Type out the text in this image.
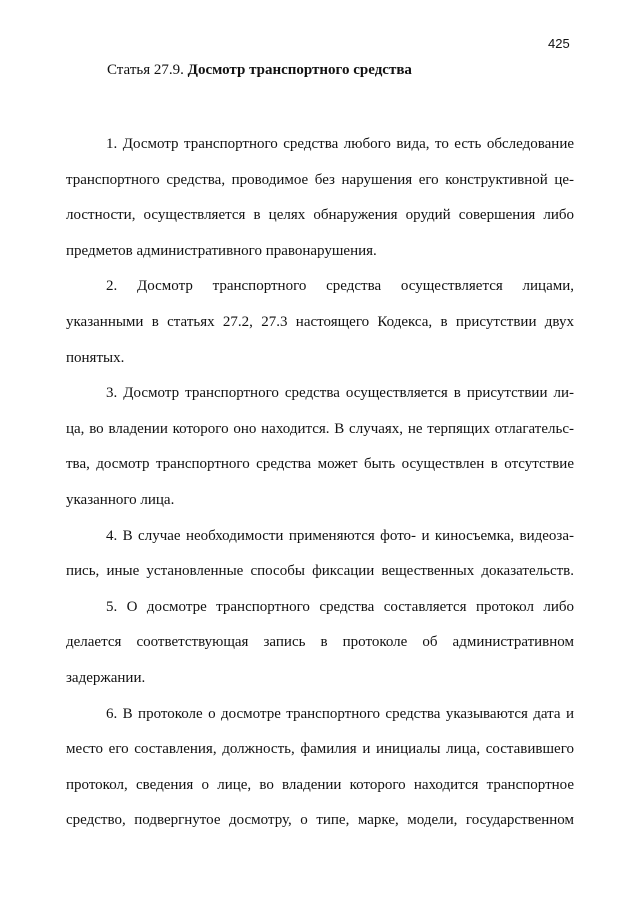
425
Статья 27.9. Досмотр транспортного средства
1. Досмотр транспортного средства любого вида, то есть обследование
транспортного средства, проводимое без нарушения его конструктивной це-
лостности, осуществляется в целях обнаружения орудий совершения либо
предметов административного правонарушения.
2. Досмотр транспортного средства осуществляется лицами,
указанными в статьях 27.2, 27.3 настоящего Кодекса, в присутствии двух
понятых.
3. Досмотр транспортного средства осуществляется в присутствии ли-
ца, во владении которого оно находится. В случаях, не терпящих отлагательс-
тва, досмотр транспортного средства может быть осуществлен в отсутствие
указанного лица.
4. В случае необходимости применяются фото- и киносъемка, видеоза-
пись, иные установленные способы фиксации вещественных доказательств.
5. О досмотре транспортного средства составляется протокол либо
делается соответствующая запись в протоколе об административном
задержании.
6. В протоколе о досмотре транспортного средства указываются дата и
место его составления, должность, фамилия и инициалы лица, составившего
протокол, сведения о лице, во владении которого находится транспортное
средство, подвергнутое досмотру, о типе, марке, модели, государственном
